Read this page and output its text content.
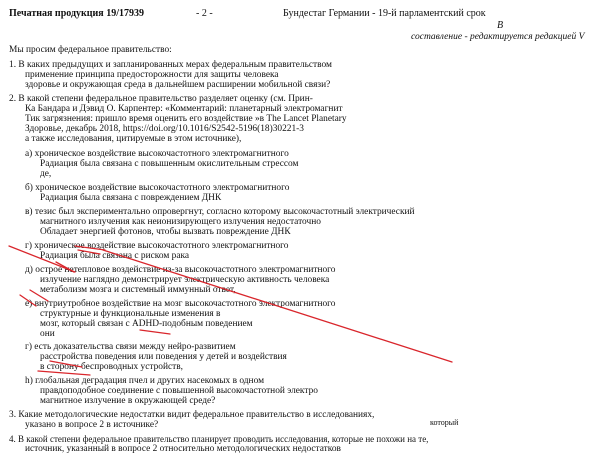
Печатная продукция 19/17939	- 2 -	Бундестаг Германии - 19-й парламентский срок
В
составление - редактируется редакцией V
Мы просим федеральное правительство:
1. В каких предыдущих и запланированных мерах федеральным правительством
применение принципа предосторожности для защиты человека
здоровье и окружающая среда в дальнейшем расширении мобильной связи?
2. В какой степени федеральное правительство разделяет оценку (см. Прин-
Ка Бандара и Дэвид О. Карпентер: «Комментарий: планетарный электромагнит
Тик загрязнения: пришло время оценить его воздействие »в The Lancet Planetary
Здоровье, декабрь 2018, https://doi.org/10.1016/S2542-5196(18)30221-3
а также исследования, цитируемые в этом источнике),
а) хроническое воздействие высокочастотного электромагнитного
Радиация была связана с повышенным окислительным стрессом
де,
б) хроническое воздействие высокочастотного электромагнитного
Радиация была связана с повреждением ДНК
в) тезис был экспериментально опровергнут, согласно которому высокочастотный электрический
магнитного излучения как неионизирующего излучения недостаточно
Обладает энергией фотонов, чтобы вызвать повреждение ДНК
г) хроническое воздействие высокочастотного электромагнитного
Радиация была связана с риском рака
д) острое нетепловое воздействие из-за высокочастотного электромагнитного
излучение наглядно демонстрирует электрическую активность человека
метаболизм мозга и системный иммунный ответ,
е) внутриутробное воздействие на мозг высокочастотного электромагнитного
структурные и функциональные изменения в
мозг, который связан с ADHD-подобным поведением
они
г) есть доказательства связи между нейро-развитием
расстройства поведения или поведения у детей и воздействия
в сторону беспроводных устройств,
h) глобальная деградация пчел и других насекомых в одном
правдоподобное соединение с повышенной высокочастотной электро
магнитное излучение в окружающей среде?
3. Какие методологические недостатки видит федеральное правительство в исследованиях,
указано в вопросе 2 в источнике?
4. В какой степени федеральное правительство планирует проводить исследования, которые не похожи на те,
источник, указанный в вопросе 2 относительно методологических недостатков
который
